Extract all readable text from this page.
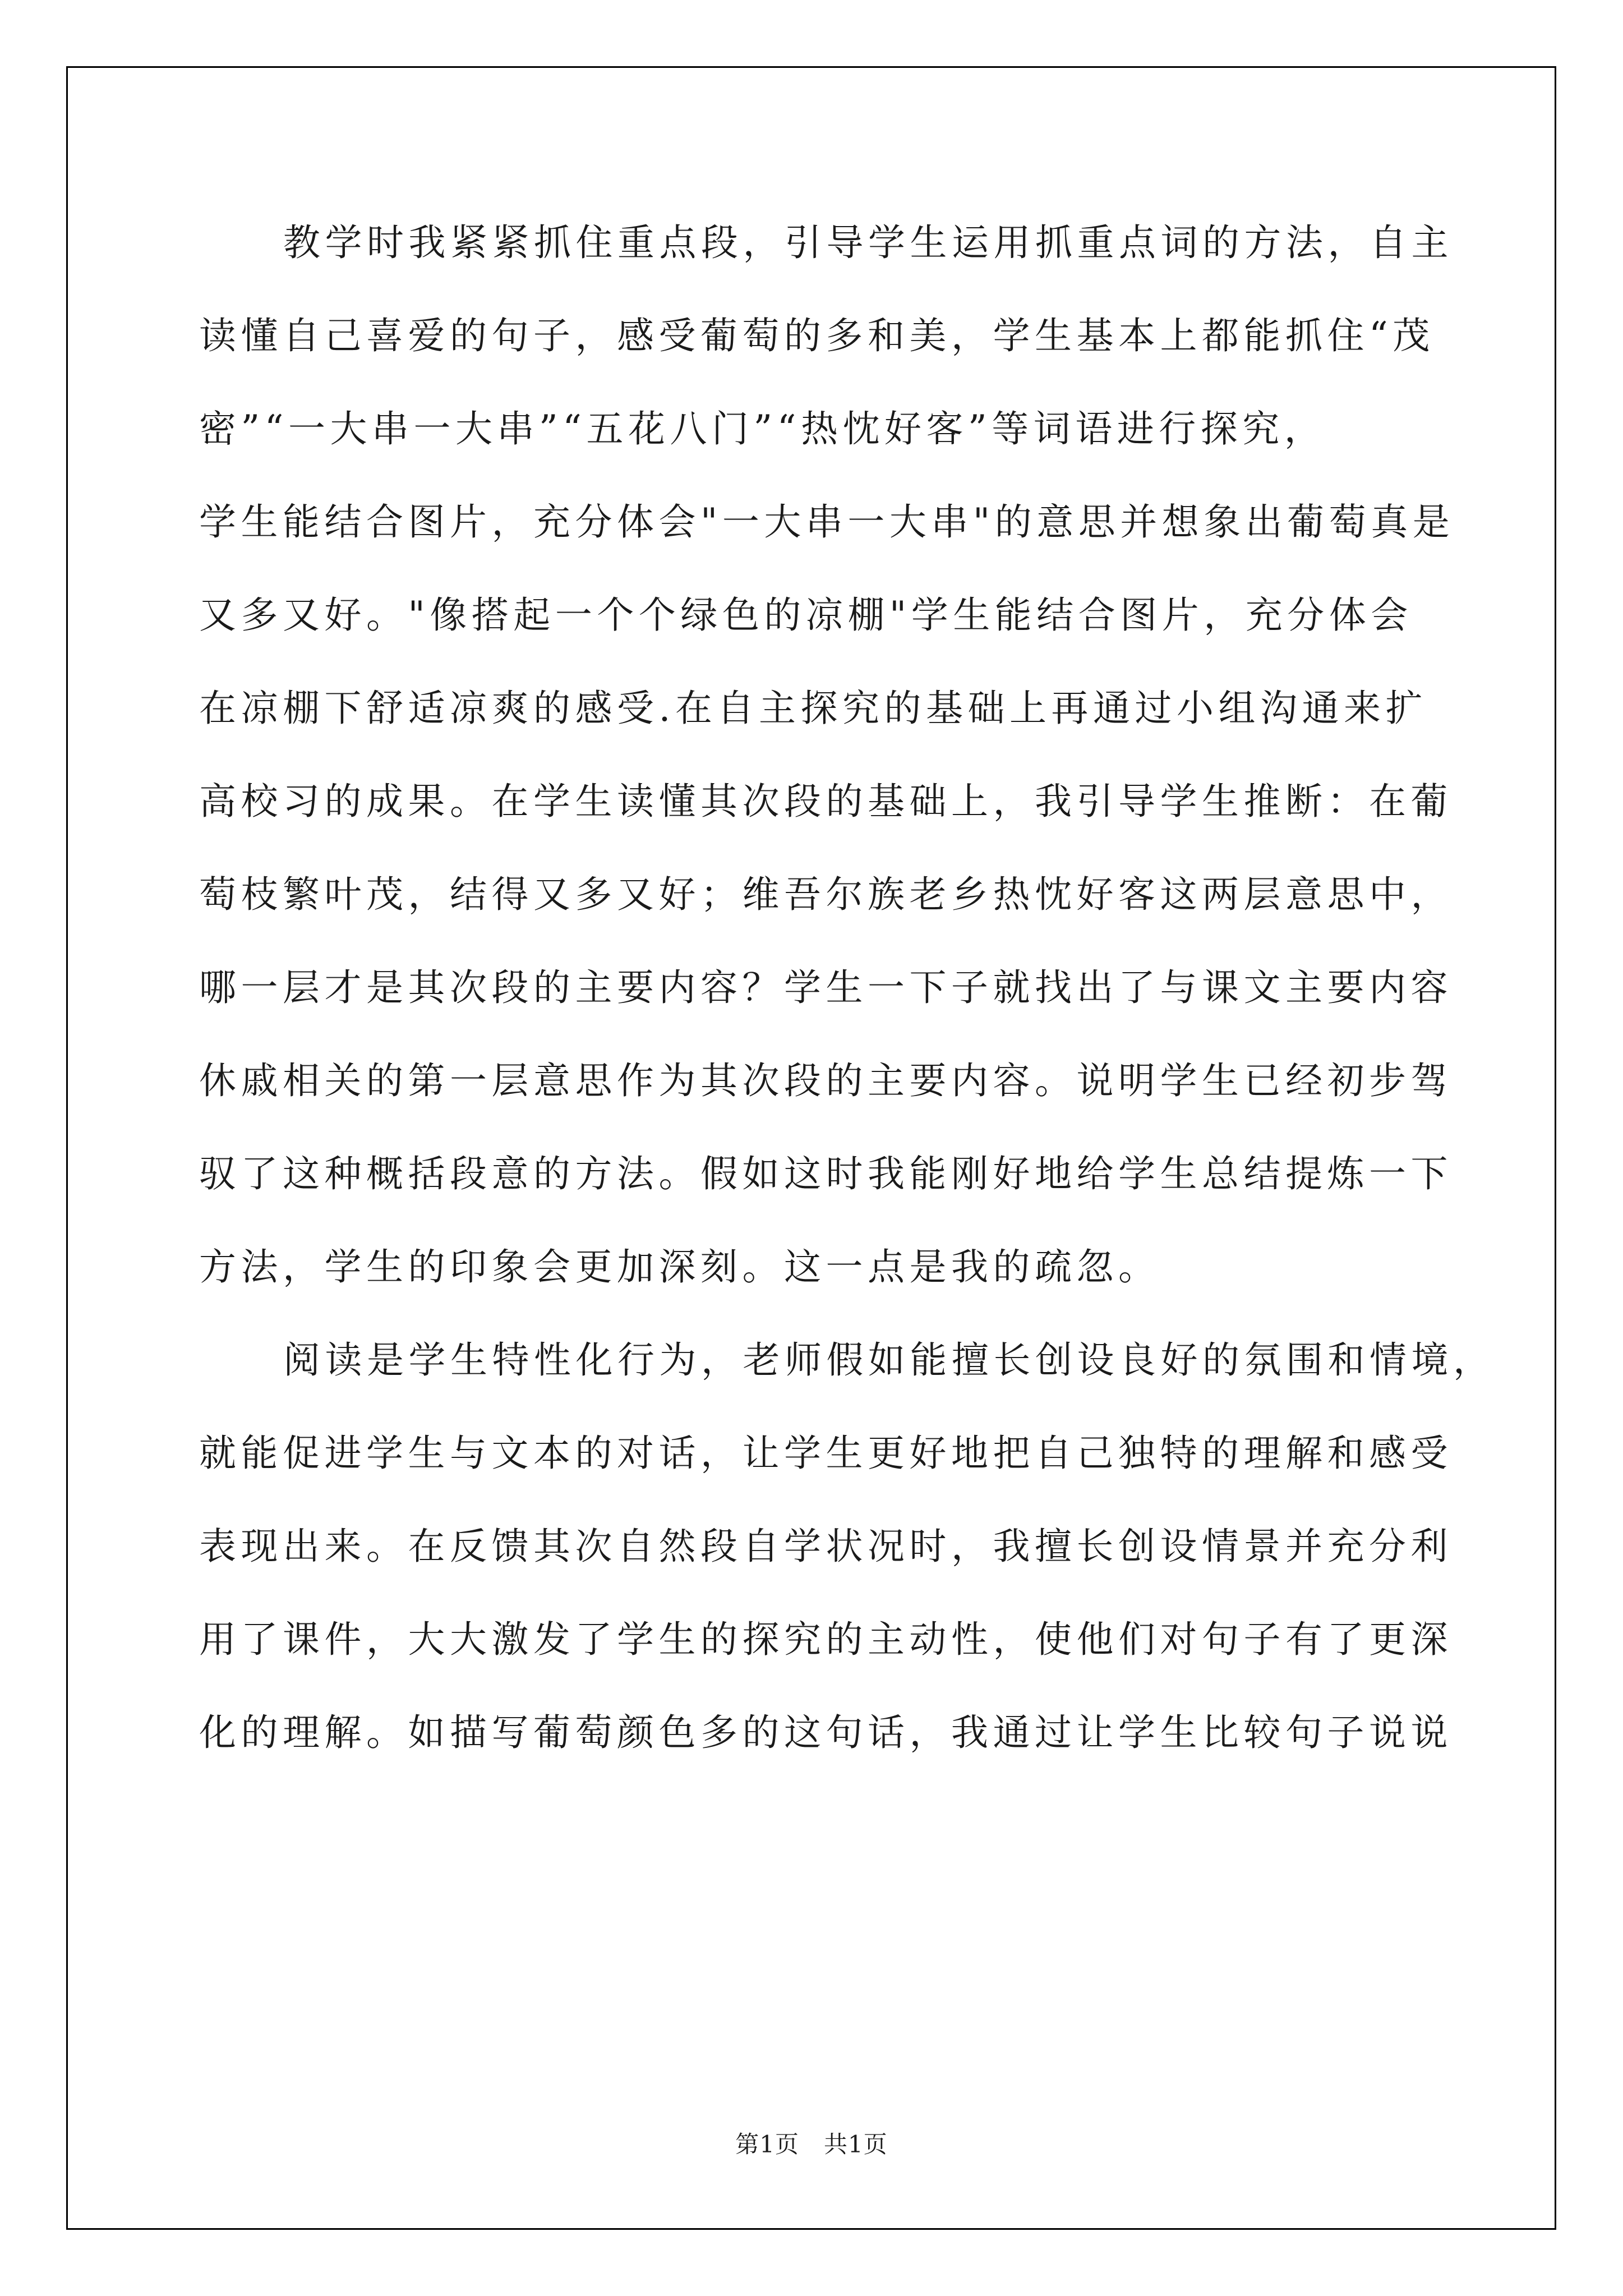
教学时我紧紧抓住重点段，引导学生运用抓重点词的方法，自主
读懂自己喜爱的句子，感受葡萄的多和美，学生基本上都能抓住“茂
密”“一大串一大串”“五花八门”“热忱好客”等词语进行探究，
学生能结合图片，充分体会"一大串一大串"的意思并想象出葡萄真是
又多又好。"像搭起一个个绿色的凉棚"学生能结合图片，充分体会
在凉棚下舒适凉爽的感受.在自主探究的基础上再通过小组沟通来扩
高校习的成果。在学生读懂其次段的基础上，我引导学生推断：在葡
萄枝繁叶茂，结得又多又好；维吾尔族老乡热忱好客这两层意思中，
哪一层才是其次段的主要内容？学生一下子就找出了与课文主要内容
休戚相关的第一层意思作为其次段的主要内容。说明学生已经初步驾
驭了这种概括段意的方法。假如这时我能刚好地给学生总结提炼一下
方法，学生的印象会更加深刻。这一点是我的疏忽。
阅读是学生特性化行为，老师假如能擅长创设良好的氛围和情境，
就能促进学生与文本的对话，让学生更好地把自己独特的理解和感受
表现出来。在反馈其次自然段自学状况时，我擅长创设情景并充分利
用了课件，大大激发了学生的探究的主动性，使他们对句子有了更深
化的理解。如描写葡萄颜色多的这句话，我通过让学生比较句子说说
第1页 共1页
